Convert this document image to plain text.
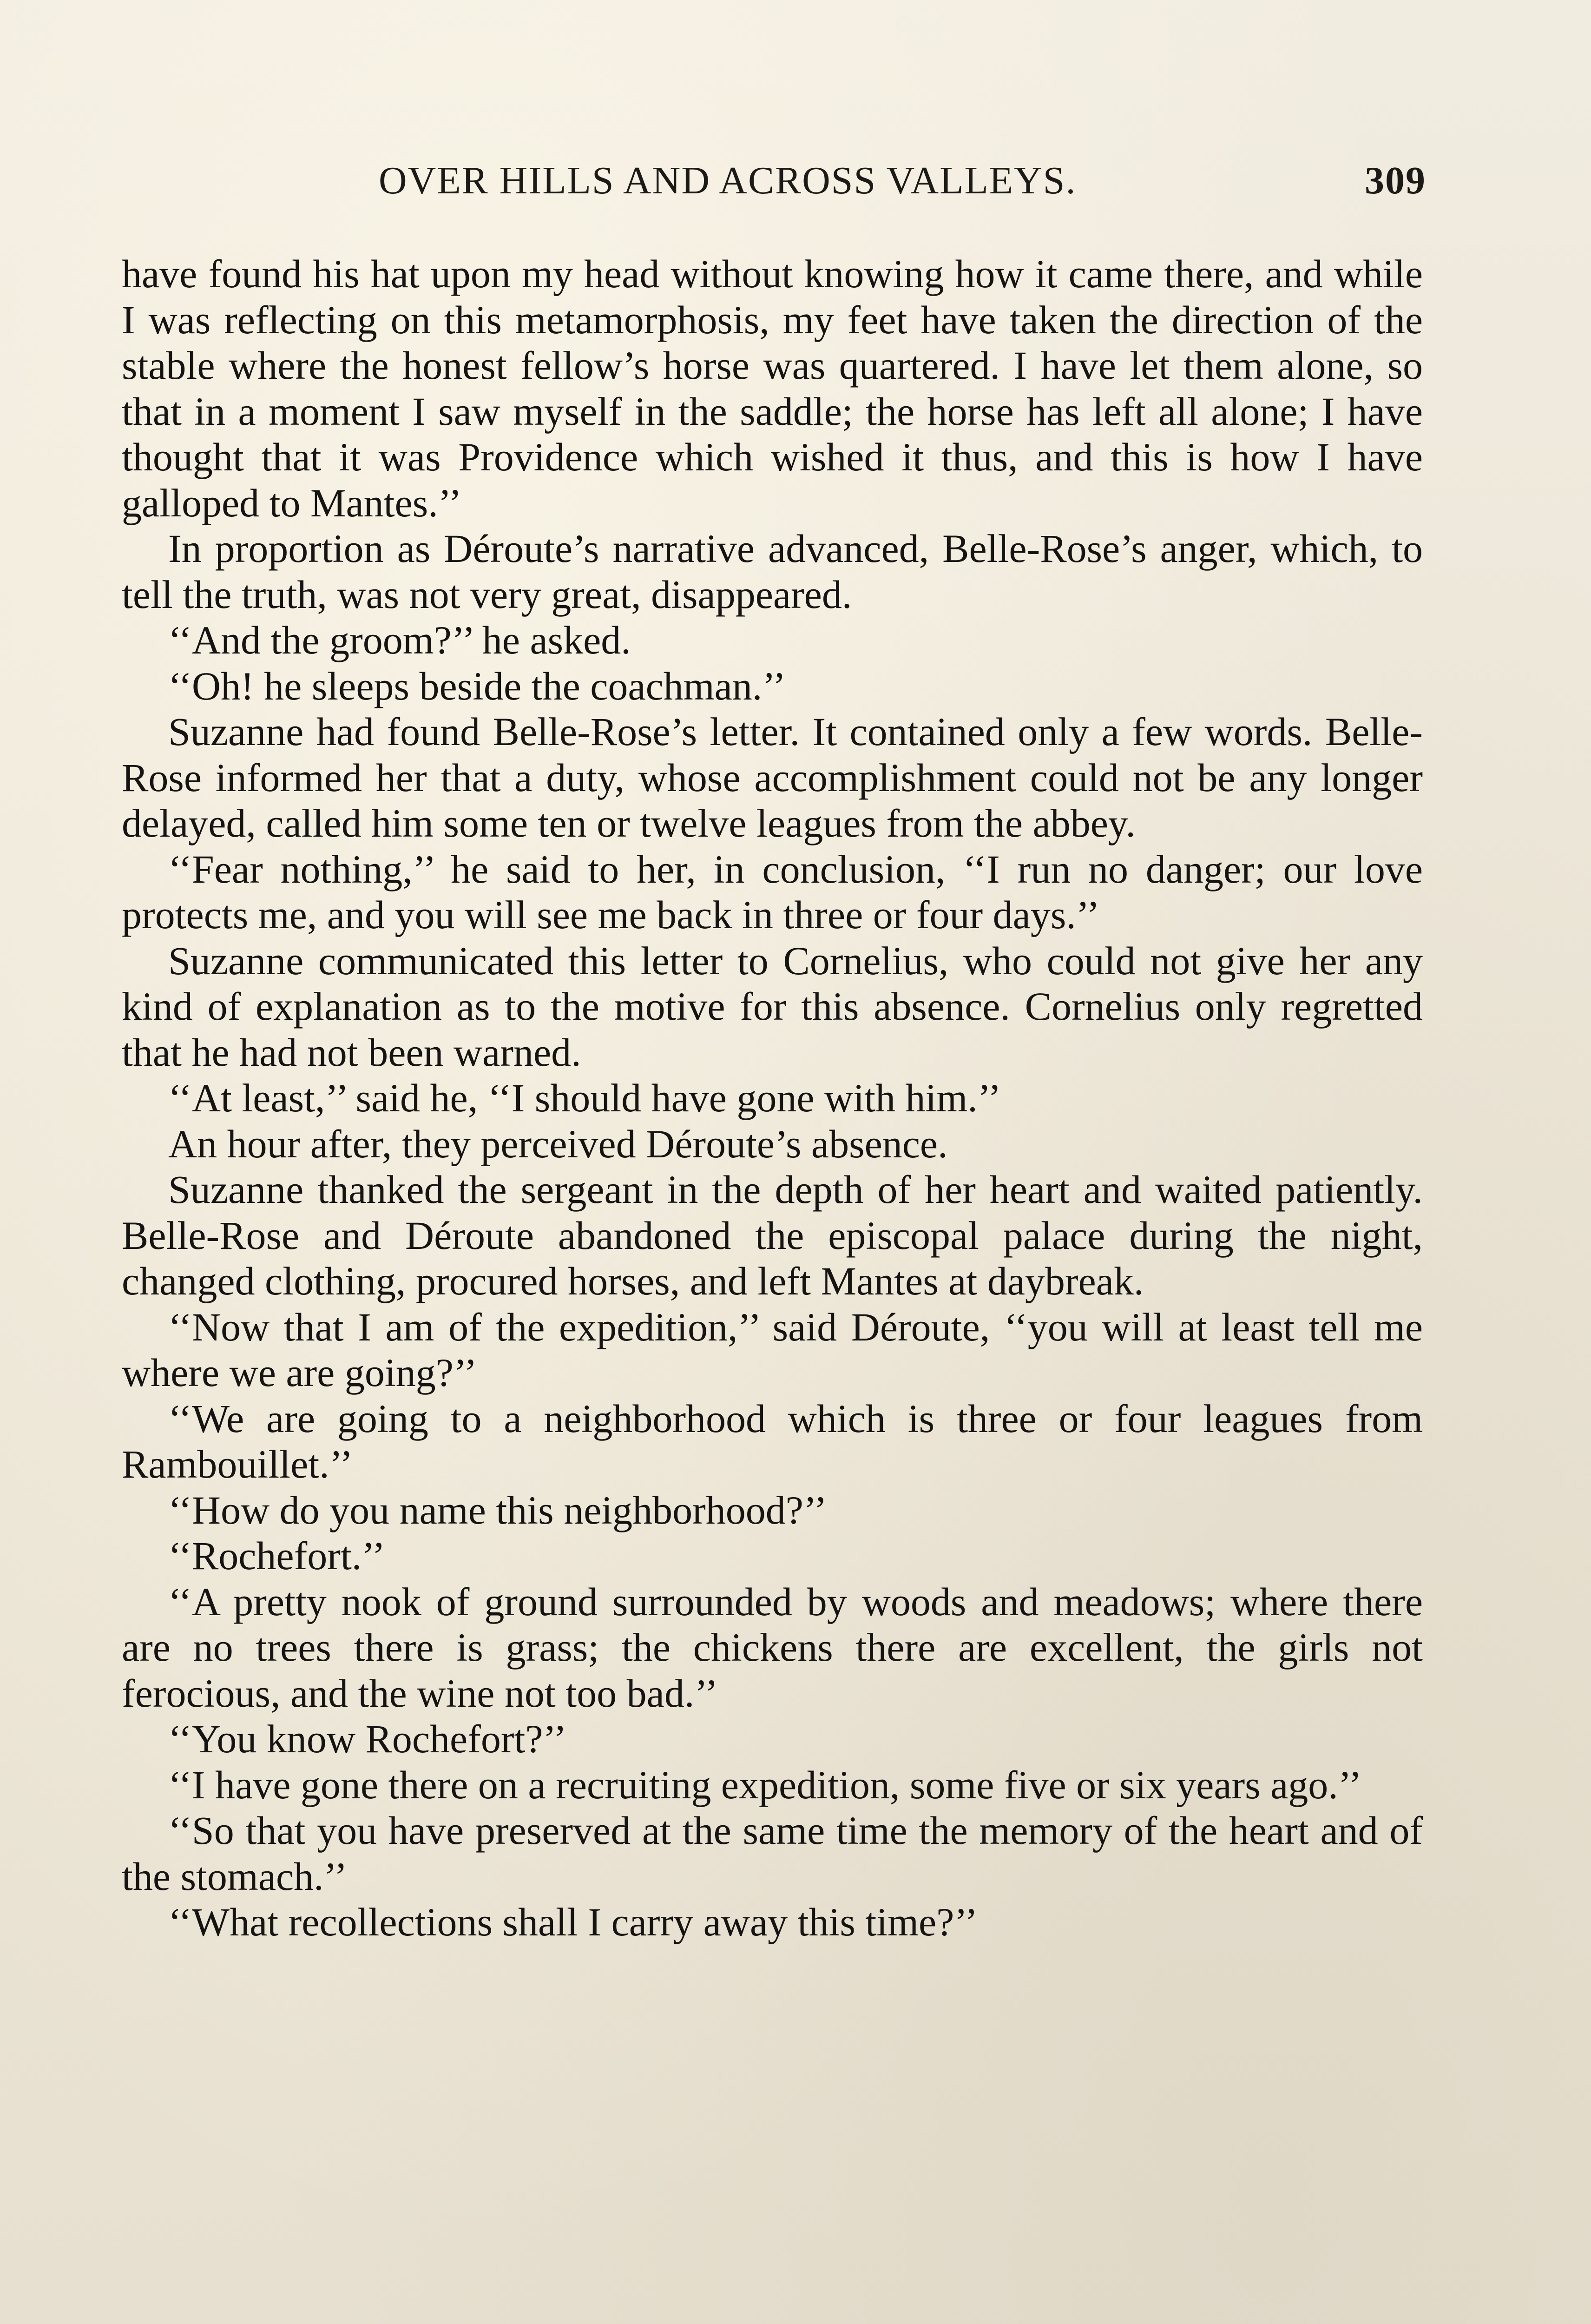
OVER HILLS AND ACROSS VALLEYS.	309

have found his hat upon my head without knowing how it came there, and while I was reflecting on this metamorphosis, my feet have taken the direction of the stable where the honest fellow’s horse was quartered. I have let them alone, so that in a moment I saw myself in the saddle; the horse has left all alone; I have thought that it was Providence which wished it thus, and this is how I have galloped to Mantes.’’

In proportion as Déroute’s narrative advanced, Belle-Rose’s anger, which, to tell the truth, was not very great, disappeared.

‘‘And the groom?’’ he asked.

‘‘Oh! he sleeps beside the coachman.’’

Suzanne had found Belle-Rose’s letter. It contained only a few words. Belle-Rose informed her that a duty, whose accomplishment could not be any longer delayed, called him some ten or twelve leagues from the abbey.

‘‘Fear nothing,’’ he said to her, in conclusion, ‘‘I run no danger; our love protects me, and you will see me back in three or four days.’’

Suzanne communicated this letter to Cornelius, who could not give her any kind of explanation as to the motive for this absence. Cornelius only regretted that he had not been warned.

‘‘At least,’’ said he, ‘‘I should have gone with him.’’

An hour after, they perceived Déroute’s absence.

Suzanne thanked the sergeant in the depth of her heart and waited patiently. Belle-Rose and Déroute abandoned the episcopal palace during the night, changed clothing, procured horses, and left Mantes at daybreak.

‘‘Now that I am of the expedition,’’ said Déroute, ‘‘you will at least tell me where we are going?’’

‘‘We are going to a neighborhood which is three or four leagues from Rambouillet.’’

‘‘How do you name this neighborhood?’’

‘‘Rochefort.’’

‘‘A pretty nook of ground surrounded by woods and meadows; where there are no trees there is grass; the chickens there are excellent, the girls not ferocious, and the wine not too bad.’’

‘‘You know Rochefort?’’

‘‘I have gone there on a recruiting expedition, some five or six years ago.’’

‘‘So that you have preserved at the same time the memory of the heart and of the stomach.’’

‘‘What recollections shall I carry away this time?’’
